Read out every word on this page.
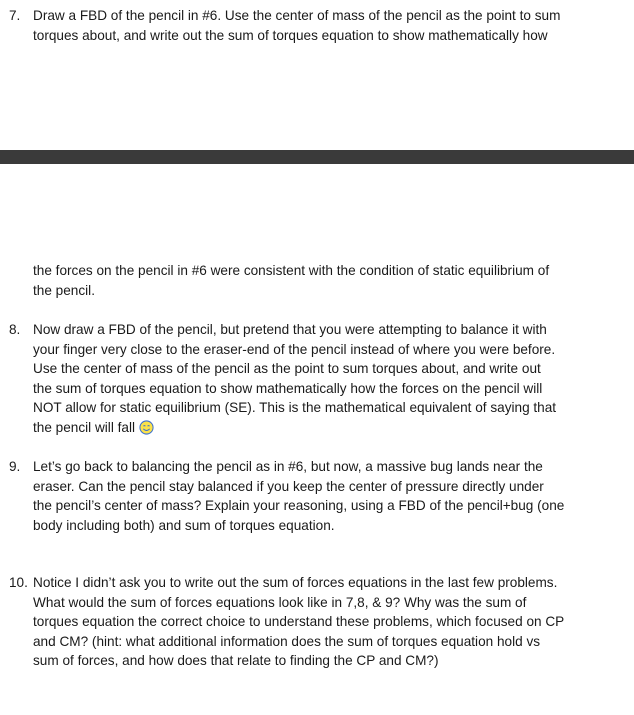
7. Draw a FBD of the pencil in #6. Use the center of mass of the pencil as the point to sum
torques about, and write out the sum of torques equation to show mathematically how
the forces on the pencil in #6 were consistent with the condition of static equilibrium of
the pencil.
8. Now draw a FBD of the pencil, but pretend that you were attempting to balance it with
your finger very close to the eraser-end of the pencil instead of where you were before.
Use the center of mass of the pencil as the point to sum torques about, and write out
the sum of torques equation to show mathematically how the forces on the pencil will
NOT allow for static equilibrium (SE). This is the mathematical equivalent of saying that
the pencil will fall
9. Let’s go back to balancing the pencil as in #6, but now, a massive bug lands near the
eraser. Can the pencil stay balanced if you keep the center of pressure directly under
the pencil’s center of mass? Explain your reasoning, using a FBD of the pencil+bug (one
body including both) and sum of torques equation.
10. Notice I didn’t ask you to write out the sum of forces equations in the last few problems.
What would the sum of forces equations look like in 7,8, & 9? Why was the sum of
torques equation the correct choice to understand these problems, which focused on CP
and CM? (hint: what additional information does the sum of torques equation hold vs
sum of forces, and how does that relate to finding the CP and CM?)
